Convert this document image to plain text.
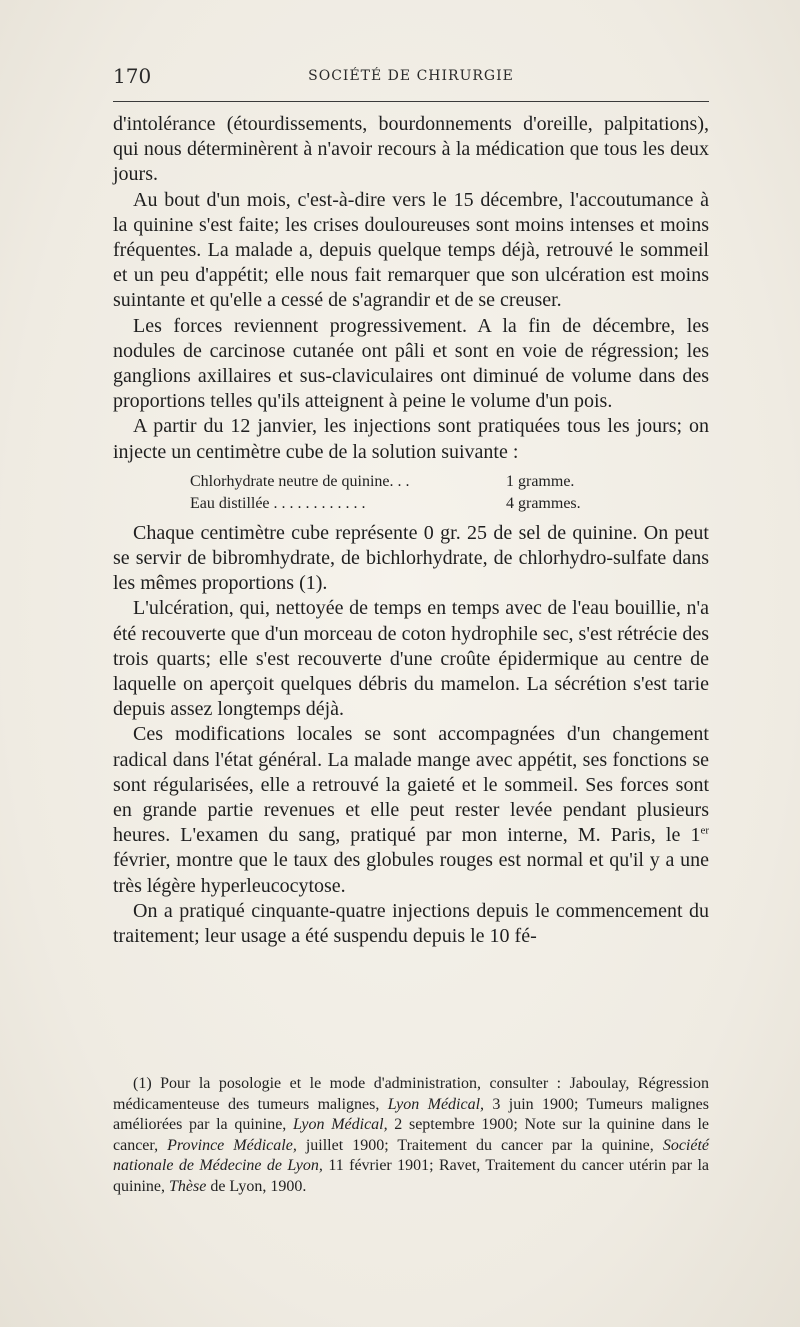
170	SOCIÉTÉ DE CHIRURGIE

d'intolérance (étourdissements, bourdonnements d'oreille, palpitations), qui nous déterminèrent à n'avoir recours à la médication que tous les deux jours.

Au bout d'un mois, c'est-à-dire vers le 15 décembre, l'accoutumance à la quinine s'est faite; les crises douloureuses sont moins intenses et moins fréquentes. La malade a, depuis quelque temps déjà, retrouvé le sommeil et un peu d'appétit; elle nous fait remarquer que son ulcération est moins suintante et qu'elle a cessé de s'agrandir et de se creuser.

Les forces reviennent progressivement. A la fin de décembre, les nodules de carcinose cutanée ont pâli et sont en voie de régression; les ganglions axillaires et sus-claviculaires ont diminué de volume dans des proportions telles qu'ils atteignent à peine le volume d'un pois.

A partir du 12 janvier, les injections sont pratiquées tous les jours; on injecte un centimètre cube de la solution suivante :

Chlorhydrate neutre de quinine. . .	1 gramme.
Eau distillée . . . . . . . . . . . .	4 grammes.

Chaque centimètre cube représente 0 gr. 25 de sel de quinine. On peut se servir de bibromhydrate, de bichlorhydrate, de chlorhydro-sulfate dans les mêmes proportions (1).

L'ulcération, qui, nettoyée de temps en temps avec de l'eau bouillie, n'a été recouverte que d'un morceau de coton hydrophile sec, s'est rétrécie des trois quarts; elle s'est recouverte d'une croûte épidermique au centre de laquelle on aperçoit quelques débris du mamelon. La sécrétion s'est tarie depuis assez longtemps déjà.

Ces modifications locales se sont accompagnées d'un changement radical dans l'état général. La malade mange avec appétit, ses fonctions se sont régularisées, elle a retrouvé la gaieté et le sommeil. Ses forces sont en grande partie revenues et elle peut rester levée pendant plusieurs heures. L'examen du sang, pratiqué par mon interne, M. Paris, le 1er février, montre que le taux des globules rouges est normal et qu'il y a une très légère hyperleucocytose.

On a pratiqué cinquante-quatre injections depuis le commencement du traitement; leur usage a été suspendu depuis le 10 fé-

(1) Pour la posologie et le mode d'administration, consulter : Jaboulay, Régression médicamenteuse des tumeurs malignes, Lyon Médical, 3 juin 1900; Tumeurs malignes améliorées par la quinine, Lyon Médical, 2 septembre 1900; Note sur la quinine dans le cancer, Province Médicale, juillet 1900; Traitement du cancer par la quinine, Société nationale de Médecine de Lyon, 11 février 1901; Ravet, Traitement du cancer utérin par la quinine, Thèse de Lyon, 1900.
